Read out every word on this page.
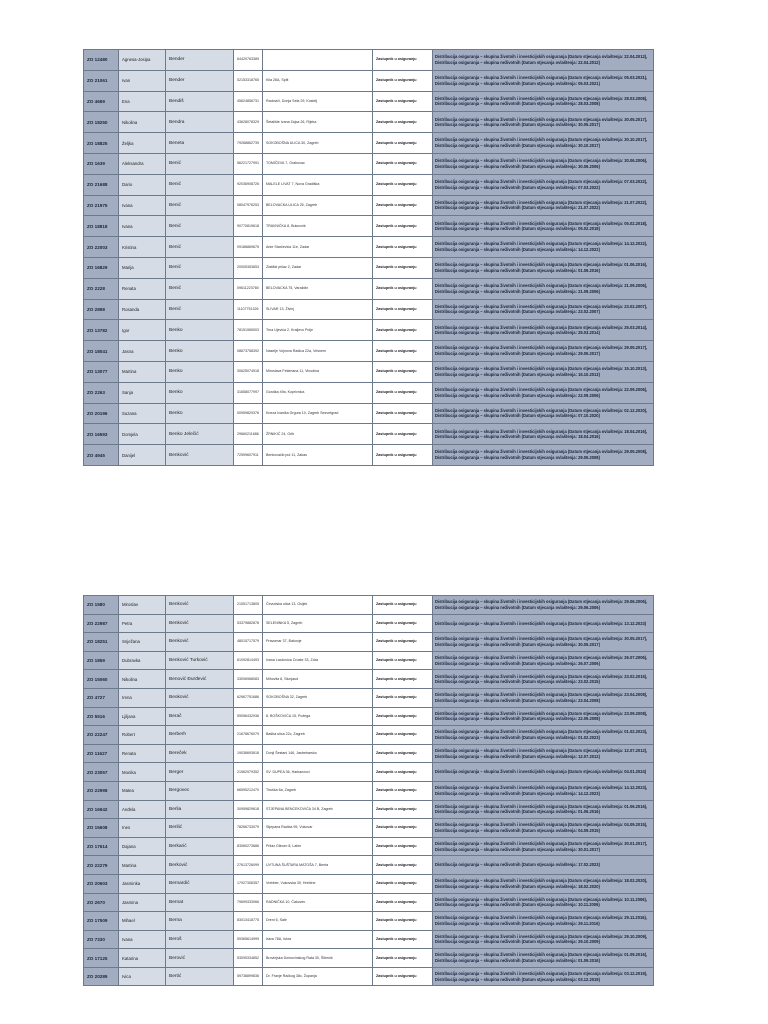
ZO 12480	Agnesa-Josipa	Bender	64420763389		Zastupnik u osiguranju	Distribucija osiguranja – skupina životnih i investicijskih osiguranja (Datum stjecanja ovlaštenja: 22.04.2012), Distribucija osiguranja – skupina neživotnih (Datum stjecanja ovlaštenja: 22.04.2012)
ZO 21061	Ivan	Bender	02153318765	Kila 26A, Split	Zastupnik u osiguranju	Distribucija osiguranja – skupina životnih i investicijskih osiguranja (Datum stjecanja ovlaštenja: 05.03.2021), Distribucija osiguranja – skupina neživotnih (Datum stjecanja ovlaštenja: 05.03.2021)
ZO 4669	Ena	Bendiš	45624856731	Radovići, Donja Sela 29, Kostelj	Zastupnik u osiguranju	Distribucija osiguranja – skupina životnih i investicijskih osiguranja (Datum stjecanja ovlaštenja: 28.03.2008), Distribucija osiguranja – skupina neživotnih (Datum stjecanja ovlaštenja: 28.03.2008)
ZO 18250	Nikolina	Bendra	43628078329	Šetalište Ivana Zajca 26, Rijeka	Zastupnik u osiguranju	Distribucija osiguranja – skupina životnih i investicijskih osiguranja (Datum stjecanja ovlaštenja: 30.05.2017), Distribucija osiguranja – skupina neživotnih (Datum stjecanja ovlaštenja: 30.05.2017)
ZO 18825	Željka	Beneta	79268862739	SOKOBOŠNA ULICA 30, Zagreb	Zastupnik u osiguranju	Distribucija osiguranja – skupina životnih i investicijskih osiguranja (Datum stjecanja ovlaštenja: 30.10.2017), Distribucija osiguranja – skupina neživotnih (Datum stjecanja ovlaštenja: 30.10.2017)
ZO 1639	Aleksandra	Benić	56221727991	TOMIČEVA 7, Grabovac	Zastupnik u osiguranju	Distribucija osiguranja – skupina životnih i investicijskih osiguranja (Datum stjecanja ovlaštenja: 30.06.2006), Distribucija osiguranja – skupina neživotnih (Datum stjecanja ovlaštenja: 30.06.2006)
ZO 21688	Dario	Benić	92036908726	MALELE LIVAT 7, Nova Gradiška	Zastupnik u osiguranju	Distribucija osiguranja – skupina životnih i investicijskih osiguranja (Datum stjecanja ovlaštenja: 07.03.2022), Distribucija osiguranja – skupina neživotnih (Datum stjecanja ovlaštenja: 07.03.2022)
ZO 21975	Ivana	Benić	08047976253	BELOVACKA ULICA 25, Zagreb	Zastupnik u osiguranju	Distribucija osiguranja – skupina životnih i investicijskih osiguranja (Datum stjecanja ovlaštenja: 21.07.2022), Distribucija osiguranja – skupina neživotnih (Datum stjecanja ovlaštenja: 21.07.2022)
ZO 18818	Ivana	Benić	90770819618	TRAVNIČKA 8, Bukovnik	Zastupnik u osiguranju	Distribucija osiguranja – skupina životnih i investicijskih osiguranja (Datum stjecanja ovlaštenja: 05.02.2018), Distribucija osiguranja – skupina neživotnih (Datum stjecanja ovlaštenja: 05.02.2018)
ZO 22003	Kristina	Benić	09186869675	Ante Starčevića 11e, Zadar	Zastupnik u osiguranju	Distribucija osiguranja – skupina životnih i investicijskih osiguranja (Datum stjecanja ovlaštenja: 14.12.2022), Distribucija osiguranja – skupina neživotnih (Datum stjecanja ovlaštenja: 14.12.2022)
ZO 16829	Marija	Benić	20005353653	Zlatiški prilaz 2, Zadar	Zastupnik u osiguranju	Distribucija osiguranja – skupina životnih i investicijskih osiguranja (Datum stjecanja ovlaštenja: 01.06.2016), Distribucija osiguranja – skupina neživotnih (Datum stjecanja ovlaštenja: 01.06.2016)
ZO 2228	Renata	Benić	09611223780	BELOVACKA 75, Varaždin	Zastupnik u osiguranju	Distribucija osiguranja – skupina životnih i investicijskih osiguranja (Datum stjecanja ovlaštenja: 21.09.2006), Distribucija osiguranja – skupina neživotnih (Datum stjecanja ovlaštenja: 21.09.2006)
ZO 2898	Rosanda	Benić	11107751326	SLIVAR 13, Živinj	Zastupnik u osiguranju	Distribucija osiguranja – skupina životnih i investicijskih osiguranja (Datum stjecanja ovlaštenja: 23.02.2007), Distribucija osiguranja – skupina neživotnih (Datum stjecanja ovlaštenja: 23.02.2007)
ZO 13782	Igor	Benko	78151965003	Trna Ujevića 2, Kraljevo Polje	Zastupnik u osiguranju	Distribucija osiguranja – skupina životnih i investicijskih osiguranja (Datum stjecanja ovlaštenja: 25.03.2014), Distribucija osiguranja – skupina neživotnih (Datum stjecanja ovlaštenja: 25.03.2014)
ZO 18041	Jasna	Benko	08673758392	Naselje Vojnova Radica 22a, Vrisnem	Zastupnik u osiguranju	Distribucija osiguranja – skupina životnih i investicijskih osiguranja (Datum stjecanja ovlaštenja: 29.05.2017), Distribucija osiguranja – skupina neživotnih (Datum stjecanja ovlaštenja: 29.05.2017)
ZO 13077	Martina	Benko	30625074918	Miroslava Feldmana 11, Vinodina	Zastupnik u osiguranju	Distribucija osiguranja – skupina životnih i investicijskih osiguranja (Datum stjecanja ovlaštenja: 15.10.2013), Distribucija osiguranja – skupina neživotnih (Datum stjecanja ovlaštenja: 15.10.2013)
ZO 2263	Sanja	Benko	31658077997	Gundka 49a, Koprivnica	Zastupnik u osiguranju	Distribucija osiguranja – skupina životnih i investicijskih osiguranja (Datum stjecanja ovlaštenja: 22.09.2006), Distribucija osiguranja – skupina neživotnih (Datum stjecanja ovlaštenja: 22.09.2006)
ZO 20196	Suzana	Benko	00959829376	Kneza Ivaniša Grgura 10, Zagreb Sesvetgrad	Zastupnik u osiguranju	Distribucija osiguranja – skupina životnih i investicijskih osiguranja (Datum stjecanja ovlaštenja: 02.12.2020), Distribucija osiguranja – skupina neživotnih (Datum stjecanja ovlaštenja: 07.10.2020)
ZO 16593	Domjela	Benko Jelečić	29660211686	ŽRNIKIĆ 24, Grib	Zastupnik u osiguranju	Distribucija osiguranja – skupina životnih i investicijskih osiguranja (Datum stjecanja ovlaštenja: 18.04.2016), Distribucija osiguranja – skupina neživotnih (Datum stjecanja ovlaštenja: 18.04.2016)
ZO 4945	Danijel	Benković	72599607911	Benkovački put 11, Zakas	Zastupnik u osiguranju	Distribucija osiguranja – skupina životnih i investicijskih osiguranja (Datum stjecanja ovlaštenja: 29.05.2008), Distribucija osiguranja – skupina neživotnih (Datum stjecanja ovlaštenja: 29.05.2008)
ZO 1580	Miroslav	Benković	21051713805	Čevudska ulica 13, Osijek	Zastupnik u osiguranju	Distribucija osiguranja – skupina životnih i investicijskih osiguranja (Datum stjecanja ovlaštenja: 29.06.2006), Distribucija osiguranja – skupina neživotnih (Datum stjecanja ovlaštenja: 29.06.2006)
ZO 22987	Petra	Benković	53379882878	SELENINKA 5, Zagreb	Zastupnik u osiguranju	Distribucija osiguranja – skupina životnih i investicijskih osiguranja (Datum stjecanja ovlaštenja: 13.12.2023)
ZO 18251	Snježana	Benković	48015717579	Pravomar 37, Đakovje	Zastupnik u osiguranju	Distribucija osiguranja – skupina životnih i investicijskih osiguranja (Datum stjecanja ovlaštenja: 30.05.2017), Distribucija osiguranja – skupina neživotnih (Datum stjecanja ovlaštenja: 30.05.2017)
ZO 1859	Dubravka	Benković Turković	61092814493	Ivana Lackovića Croate 33, Zdra	Zastupnik u osiguranju	Distribucija osiguranja – skupina životnih i investicijskih osiguranja (Datum stjecanja ovlaštenja: 26.07.2006), Distribucija osiguranja – skupina neživotnih (Datum stjecanja ovlaštenja: 26.07.2006)
ZO 15060	Nikolina	Benović Đurđević	33006968083	Mihovila 8, Slunjaud	Zastupnik u osiguranju	Distribucija osiguranja – skupina životnih i investicijskih osiguranja (Datum stjecanja ovlaštenja: 23.02.2015), Distribucija osiguranja – skupina neživotnih (Datum stjecanja ovlaštenja: 23.02.2015)
ZO 4727	Irena	Beoković	62967751686	SOKOBOŠNA 32, Zagreb	Zastupnik u osiguranju	Distribucija osiguranja – skupina životnih i investicijskih osiguranja (Datum stjecanja ovlaštenja: 23.04.2008), Distribucija osiguranja – skupina neživotnih (Datum stjecanja ovlaštenja: 23.04.2008)
ZO 5516	Ljiljana	Berač	59056432936	8. BOŠKOVIĆA 15, Požega	Zastupnik u osiguranju	Distribucija osiguranja – skupina životnih i investicijskih osiguranja (Datum stjecanja ovlaštenja: 23.09.2008), Distribucija osiguranja – skupina neživotnih (Datum stjecanja ovlaštenja: 22.09.2008)
ZO 22247	Robert	Berberh	21678676079	Bašba ulica 22c, Zagreb	Zastupnik u osiguranju	Distribucija osiguranja – skupina životnih i investicijskih osiguranja (Datum stjecanja ovlaštenja: 01.02.2023), Distribucija osiguranja – skupina neživotnih (Datum stjecanja ovlaštenja: 01.02.2023)
ZO 11627	Renata	Bereček	19036693616	Donji Šestani 146, Jastrebarsko	Zastupnik u osiguranju	Distribucija osiguranja – skupina životnih i investicijskih osiguranja (Datum stjecanja ovlaštenja: 12.07.2012), Distribucija osiguranja – skupina neživotnih (Datum stjecanja ovlaštenja: 12.07.2012)
ZO 23057	Monika	Berger	21562979352	SV. DUPEA 36, Harkanovci	Zastupnik u osiguranju	Distribucija osiguranja – skupina životnih i investicijskih osiguranja (Datum stjecanja ovlaštenja: 04.01.2024)
ZO 22998	Matea	Bergovec	66595212470	Tiruška 6a, Zagreb	Zastupnik u osiguranju	Distribucija osiguranja – skupina životnih i investicijskih osiguranja (Datum stjecanja ovlaštenja: 14.12.2023), Distribucija osiguranja – skupina neživotnih (Datum stjecanja ovlaštenja: 14.12.2023)
ZO 16942	Anđela	Berlia	30959829618	STJEPANA BENCEKOVIĆA 34 B, Zagreb	Zastupnik u osiguranju	Distribucija osiguranja – skupina životnih i investicijskih osiguranja (Datum stjecanja ovlaštenja: 01.06.2016), Distribucija osiguranja – skupina neživotnih (Datum stjecanja ovlaštenja: 01.06.2016)
ZO 15608	Ines	Berilić	78266733079	Stjepana Radića 95, Vukovar	Zastupnik u osiguranju	Distribucija osiguranja – skupina životnih i investicijskih osiguranja (Datum stjecanja ovlaštenja: 04.09.2015), Distribucija osiguranja – skupina neživotnih (Datum stjecanja ovlaštenja: 04.09.2015)
ZO 17614	Dajana	Berkarić	83060273686	Prilaz Glinom 8, Labin	Zastupnik u osiguranju	Distribucija osiguranja – skupina životnih i investicijskih osiguranja (Datum stjecanja ovlaštenja: 30.01.2017), Distribucija osiguranja – skupina neživotnih (Datum stjecanja ovlaštenja: 30.01.2017)
ZO 22279	Martina	Berković	27613726099	UVTUNA ŠUŠTARA MATOŠA 7, Benta	Zastupnik u osiguranju	Distribucija osiguranja – skupina neživotnih (Datum stjecanja ovlaštenja: 17.02.2023)
ZO 20603	Jasminka	Bernardić	17927306357	Vrebber, Vukovska 30, Hreblne	Zastupnik u osiguranju	Distribucija osiguranja – skupina životnih i investicijskih osiguranja (Datum stjecanja ovlaštenja: 18.02.2020), Distribucija osiguranja – skupina neživotnih (Datum stjecanja ovlaštenja: 18.02.2020)
ZO 2670	Jasmina	Bernat	79699333066	RADNIČKA 10, Čakovec	Zastupnik u osiguranju	Distribucija osiguranja – skupina životnih i investicijskih osiguranja (Datum stjecanja ovlaštenja: 10.11.2006), Distribucija osiguranja – skupina neživotnih (Datum stjecanja ovlaštenja: 10.11.2006)
ZO 17509	Mihael	Berna	83013418775	Dreni 6, Sale	Zastupnik u osiguranju	Distribucija osiguranja – skupina životnih i investicijskih osiguranja (Datum stjecanja ovlaštenja: 29.11.2016), Distribucija osiguranja – skupina neživotnih (Datum stjecanja ovlaštenja: 29.11.2016)
ZO 7330	Ivana	Beroš	59365614999	Iskra 78A, Iskra	Zastupnik u osiguranju	Distribucija osiguranja – skupina životnih i investicijskih osiguranja (Datum stjecanja ovlaštenja: 29.10.2009), Distribucija osiguranja – skupina neživotnih (Datum stjecanja ovlaštenja: 29.10.2009)
ZO 17125	Katarina	Berović	53095334852	Brovinjska Domovinskog Rata 30, Šibenik	Zastupnik u osiguranju	Distribucija osiguranja – skupina životnih i investicijskih osiguranja (Datum stjecanja ovlaštenja: 01.09.2016), Distribucija osiguranja – skupina neživotnih (Datum stjecanja ovlaštenja: 01.09.2016)
ZO 20289	Ivica	Bertić	59738899836	Dr. Franje Račkog 38c, Županja	Zastupnik u osiguranju	Distribucija osiguranja – skupina životnih i investicijskih osiguranja (Datum stjecanja ovlaštenja: 03.12.2019), Distribucija osiguranja – skupina neživotnih (Datum stjecanja ovlaštenja: 03.12.2019)
